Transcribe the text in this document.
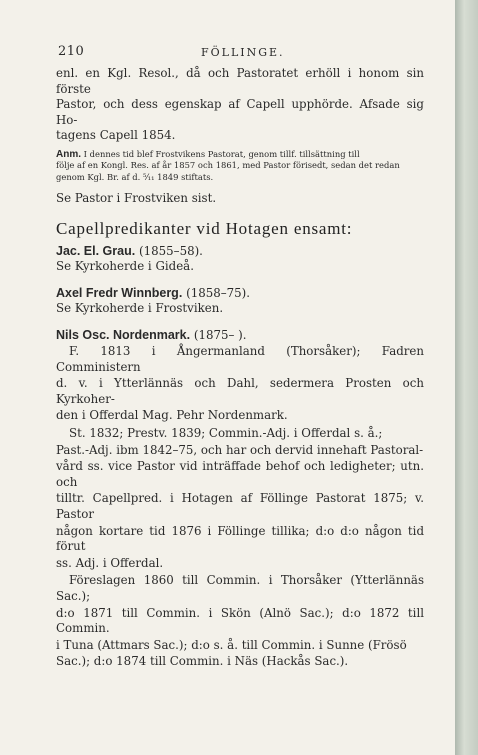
210	FÖLLINGE.

enl. en Kgl. Resol., då och Pastoratet erhöll i honom sin förste

Pastor, och dess egenskap af Capell upphörde. Afsade sig Ho-

tagens Capell 1854.

Anm. I dennes tid blef Frostvikens Pastorat, genom tillf. tillsättning till
följe af en Kongl. Res. af år 1857 och 1861, med Pastor förisedt, sedan det redan
genom Kgl. Br. af d. ⁵⁄₁₁ 1849 stiftats.

Se Pastor i Frostviken sist.

Capellpredikanter vid Hotagen ensamt:
Jac. El. Grau. (1855–58).
Se Kyrkoherde i Gideå.
Axel Fredr Winnberg. (1858–75).
Se Kyrkoherde i Frostviken.
Nils Osc. Nordenmark. (1875– ).
F. 1813 i Ångermanland (Thorsåker); Fadren Comministern
d. v. i Ytterlännäs och Dahl, sedermera Prosten och Kyrkoher-
den i Offerdal Mag. Pehr Nordenmark.
St. 1832; Prestv. 1839; Commin.-Adj. i Offerdal s. å.;
Past.-Adj. ibm 1842–75, och har och dervid innehaft Pastoral-
vård ss. vice Pastor vid inträffade behof och ledigheter; utn. och
tilltr. Capellpred. i Hotagen af Föllinge Pastorat 1875; v. Pastor
någon kortare tid 1876 i Föllinge tillika; d:o d:o någon tid förut
ss. Adj. i Offerdal.
Föreslagen 1860 till Commin. i Thorsåker (Ytterlännäs Sac.);
d:o 1871 till Commin. i Skön (Alnö Sac.); d:o 1872 till Commin.
i Tuna (Attmars Sac.); d:o s. å. till Commin. i Sunne (Frösö
Sac.); d:o 1874 till Commin. i Näs (Hackås Sac.).
